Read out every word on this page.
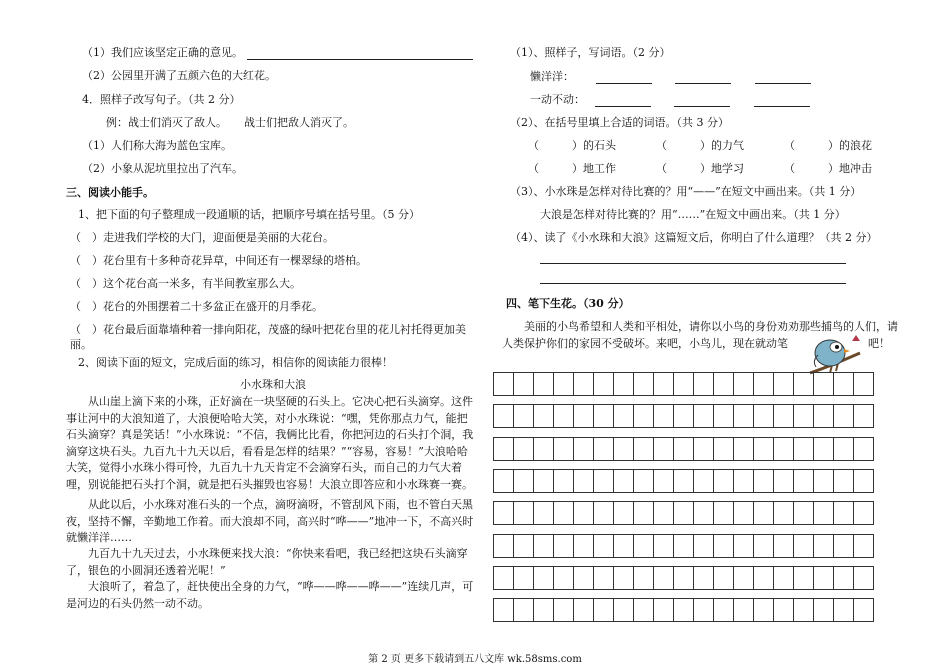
（1）我们应该坚定正确的意见。
（2）公园里开满了五颜六色的大红花。
4．照样子改写句子。（共 2 分）
例：战士们消灭了敌人。 战士们把敌人消灭了。
（1）人们称大海为蓝色宝库。
（2）小象从泥坑里拉出了汽车。
三、阅读小能手。
1、把下面的句子整理成一段通顺的话，把顺序号填在括号里。（5 分）
（　）走进我们学校的大门，迎面便是美丽的大花台。
（　）花台里有十多种奇花异草，中间还有一棵翠绿的塔柏。
（　）这个花台高一米多，有半间教室那么大。
（　）花台的外围摆着二十多盆正在盛开的月季花。
（　）花台最后面靠墙种着一排向阳花，茂盛的绿叶把花台里的花儿衬托得更加美
丽。
2、阅读下面的短文，完成后面的练习，相信你的阅读能力很棒！
小水珠和大浪
从山崖上滴下来的小珠，正好滴在一块坚硬的石头上。它决心把石头滴穿。这件事让河中的大浪知道了，大浪便哈哈大笑，对小水珠说：“嘿，凭你那点力气，能把石头滴穿？真是笑话！”小水珠说：“不信，我俩比比看，你把河边的石头打个洞，我滴穿这块石头。九百九十九天以后，看看是怎样的结果？”“容易，容易！”大浪哈哈大笑，觉得小水珠小得可怜，九百九十九天肯定不会滴穿石头，而自己的力气大着哩，别说能把石头打个洞，就是把石头摧毁也容易！大浪立即答应和小水珠赛一赛。
从此以后，小水珠对准石头的一个点，滴呀滴呀，不管刮风下雨，也不管白天黑夜，坚持不懈，辛勤地工作着。而大浪却不同，高兴时“哗——”地冲一下，不高兴时就懒洋洋……
九百九十九天过去，小水珠便来找大浪：“你快来看吧，我已经把这块石头滴穿了，银色的小圆洞还透着光呢！”
大浪听了，着急了，赶快使出全身的力气，“哗——哗——哗——”连续几声，可是河边的石头仍然一动不动。
（1）、照样子，写词语。（2 分）
懒洋洋：
一动不动：
（2）、在括号里填上合适的词语。（共 3 分）
（　　　）的石头	（　　　）的力气	（　　　）的浪花
（　　　）地工作	（　　　）地学习	（　　　）地冲击
（3）、小水珠是怎样对待比赛的？用“——”在短文中画出来。（共 1 分）
大浪是怎样对待比赛的？用“……”在短文中画出来。（共 1 分）
（4）、读了《小水珠和大浪》这篇短文后，你明白了什么道理？（共 2 分）
四、笔下生花。（30 分）
美丽的小鸟希望和人类和平相处，请你以小鸟的身份劝劝那些捕鸟的人们，请
人类保护你们的家园不受破坏。来吧，小鸟儿，现在就动笔	吧！
第 2 页 更多下载请到五八文库 wk.58sms.com
